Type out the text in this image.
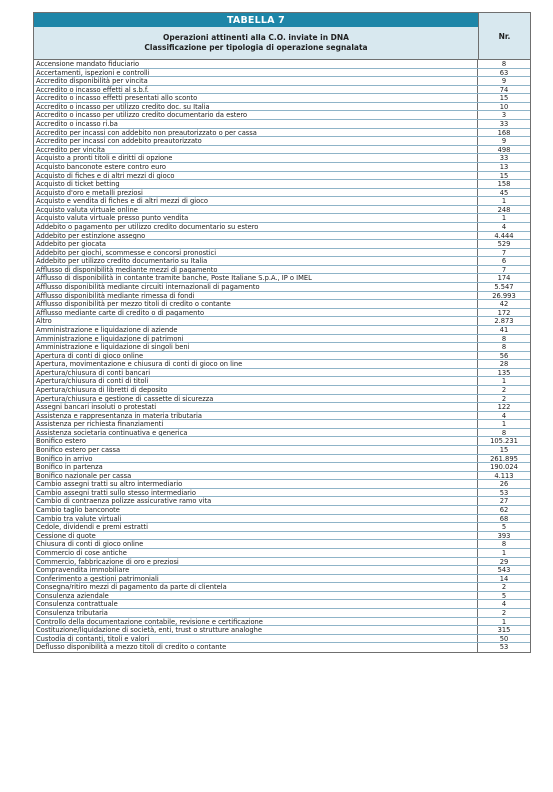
TABELLA 7
Operazioni attinenti alla C.O. inviate in DNA
Classificazione per tipologia di operazione segnalata
Nr.
Accensione mandato fiduciario	8
Accertamenti, ispezioni e controlli	63
Accredito disponibilità per vincita	9
Accredito o incasso effetti al s.b.f.	74
Accredito o incasso effetti presentati allo sconto	15
Accredito o incasso per utilizzo credito doc. su Italia	10
Accredito o incasso per utilizzo credito documentario da estero	3
Accredito o incasso ri.ba	33
Accredito per incassi con addebito non preautorizzato o per cassa	168
Accredito per incassi con addebito preautorizzato	9
Accredito per vincita	498
Acquisto a pronti titoli e diritti di opzione	33
Acquisto banconote estere contro euro	13
Acquisto di fiches e di altri mezzi di gioco	15
Acquisto di ticket betting	158
Acquisto d'oro e metalli preziosi	45
Acquisto e vendita di fiches e di altri mezzi di gioco	1
Acquisto valuta virtuale online	248
Acquisto valuta virtuale presso punto vendita	1
Addebito o pagamento per utilizzo credito documentario su estero	4
Addebito per estinzione assegno	4.444
Addebito per giocata	529
Addebito per giochi, scommesse e concorsi pronostici	7
Addebito per utilizzo credito documentario su Italia	6
Afflusso di disponibilità mediante mezzi di pagamento	7
Afflusso di disponibilità in contante tramite banche, Poste Italiane S.p.A., IP o IMEL	174
Afflusso disponibilità mediante circuiti internazionali di pagamento	5.547
Afflusso disponibilità mediante rimessa di fondi	26.993
Afflusso disponibilità per mezzo titoli di credito o contante	42
Afflusso mediante carte di credito o di pagamento	172
Altro	2.873
Amministrazione e liquidazione di aziende	41
Amministrazione e liquidazione di patrimoni	8
Amministrazione e liquidazione di singoli beni	8
Apertura di conti di gioco online	56
Apertura, movimentazione e chiusura di conti di gioco on line	28
Apertura/chiusura di conti bancari	135
Apertura/chiusura di conti di titoli	1
Apertura/chiusura di libretti di deposito	2
Apertura/chiusura e gestione di cassette di sicurezza	2
Assegni bancari insoluti o protestati	122
Assistenza e rappresentanza in materia tributaria	4
Assistenza per richiesta finanziamenti	1
Assistenza societaria continuativa e generica	8
Bonifico estero	105.231
Bonifico estero per cassa	15
Bonifico in arrivo	261.895
Bonifico in partenza	190.024
Bonifico nazionale per cassa	4.113
Cambio assegni tratti su altro intermediario	26
Cambio assegni tratti sullo stesso intermediario	53
Cambio di contraenza polizze assicurative ramo vita	27
Cambio taglio banconote	62
Cambio tra valute virtuali	68
Cedole, dividendi e premi estratti	5
Cessione di quote	393
Chiusura di conti di gioco online	8
Commercio di cose antiche	1
Commercio, fabbricazione di oro e preziosi	29
Compravendita immobiliare	543
Conferimento a gestioni patrimoniali	14
Consegna/ritiro mezzi di pagamento da parte di clientela	2
Consulenza aziendale	5
Consulenza contrattuale	4
Consulenza tributaria	2
Controllo della documentazione contabile, revisione e certificazione	1
Costituzione/liquidazione di società, enti, trust o strutture analoghe	315
Custodia di contanti, titoli e valori	50
Deflusso disponibilità a mezzo titoli di credito o contante	53
